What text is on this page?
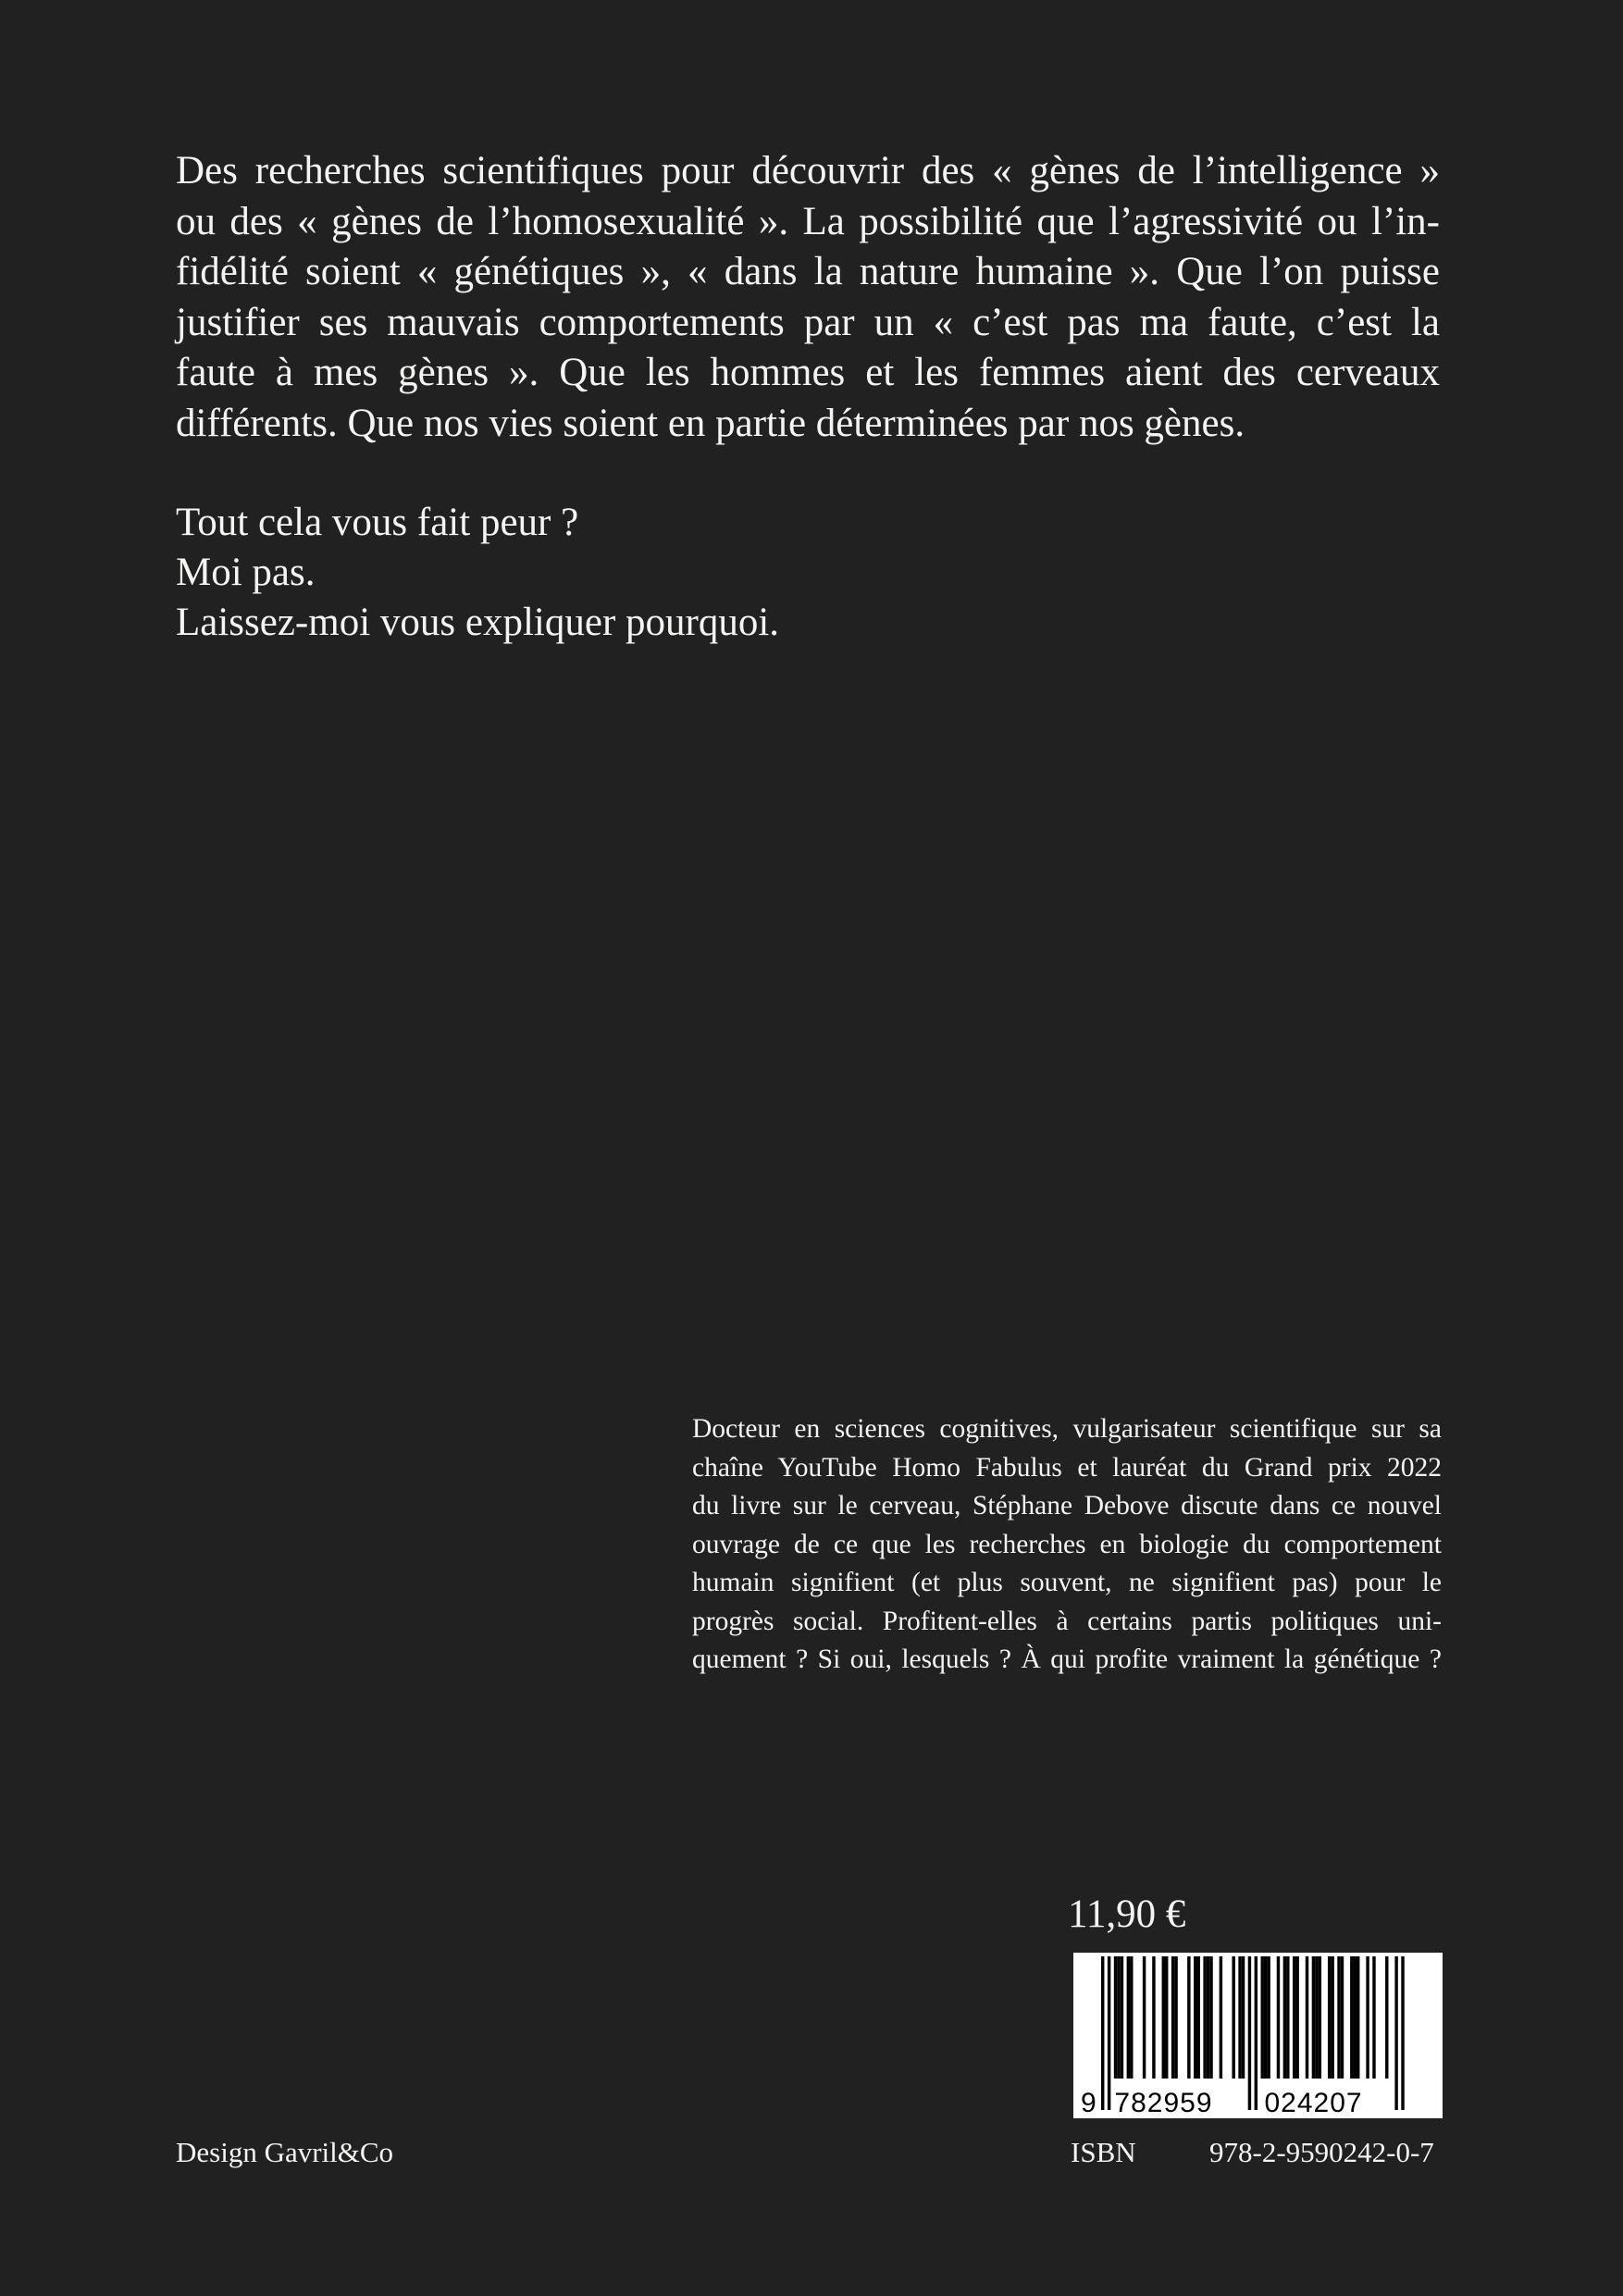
Des recherches scientifiques pour découvrir des « gènes de l’intelligence »
ou des « gènes de l’homosexualité ». La possibilité que l’agressivité ou l’in-
fidélité soient « génétiques », « dans la nature humaine ». Que l’on puisse
justifier ses mauvais comportements par un « c’est pas ma faute, c’est la
faute à mes gènes ». Que les hommes et les femmes aient des cerveaux
différents. Que nos vies soient en partie déterminées par nos gènes.
Tout cela vous fait peur ?
Moi pas.
Laissez-moi vous expliquer pourquoi.
Docteur en sciences cognitives, vulgarisateur scientifique sur sa
chaîne YouTube Homo Fabulus et lauréat du Grand prix 2022
du livre sur le cerveau, Stéphane Debove discute dans ce nouvel
ouvrage de ce que les recherches en biologie du comportement
humain signifient (et plus souvent, ne signifient pas) pour le
progrès social. Profitent-elles à certains partis politiques uni-
quement ? Si oui, lesquels ? À qui profite vraiment la génétique ?
11,90 €
9 782959 024207
Design Gavril&Co	ISBN	978-2-9590242-0-7
